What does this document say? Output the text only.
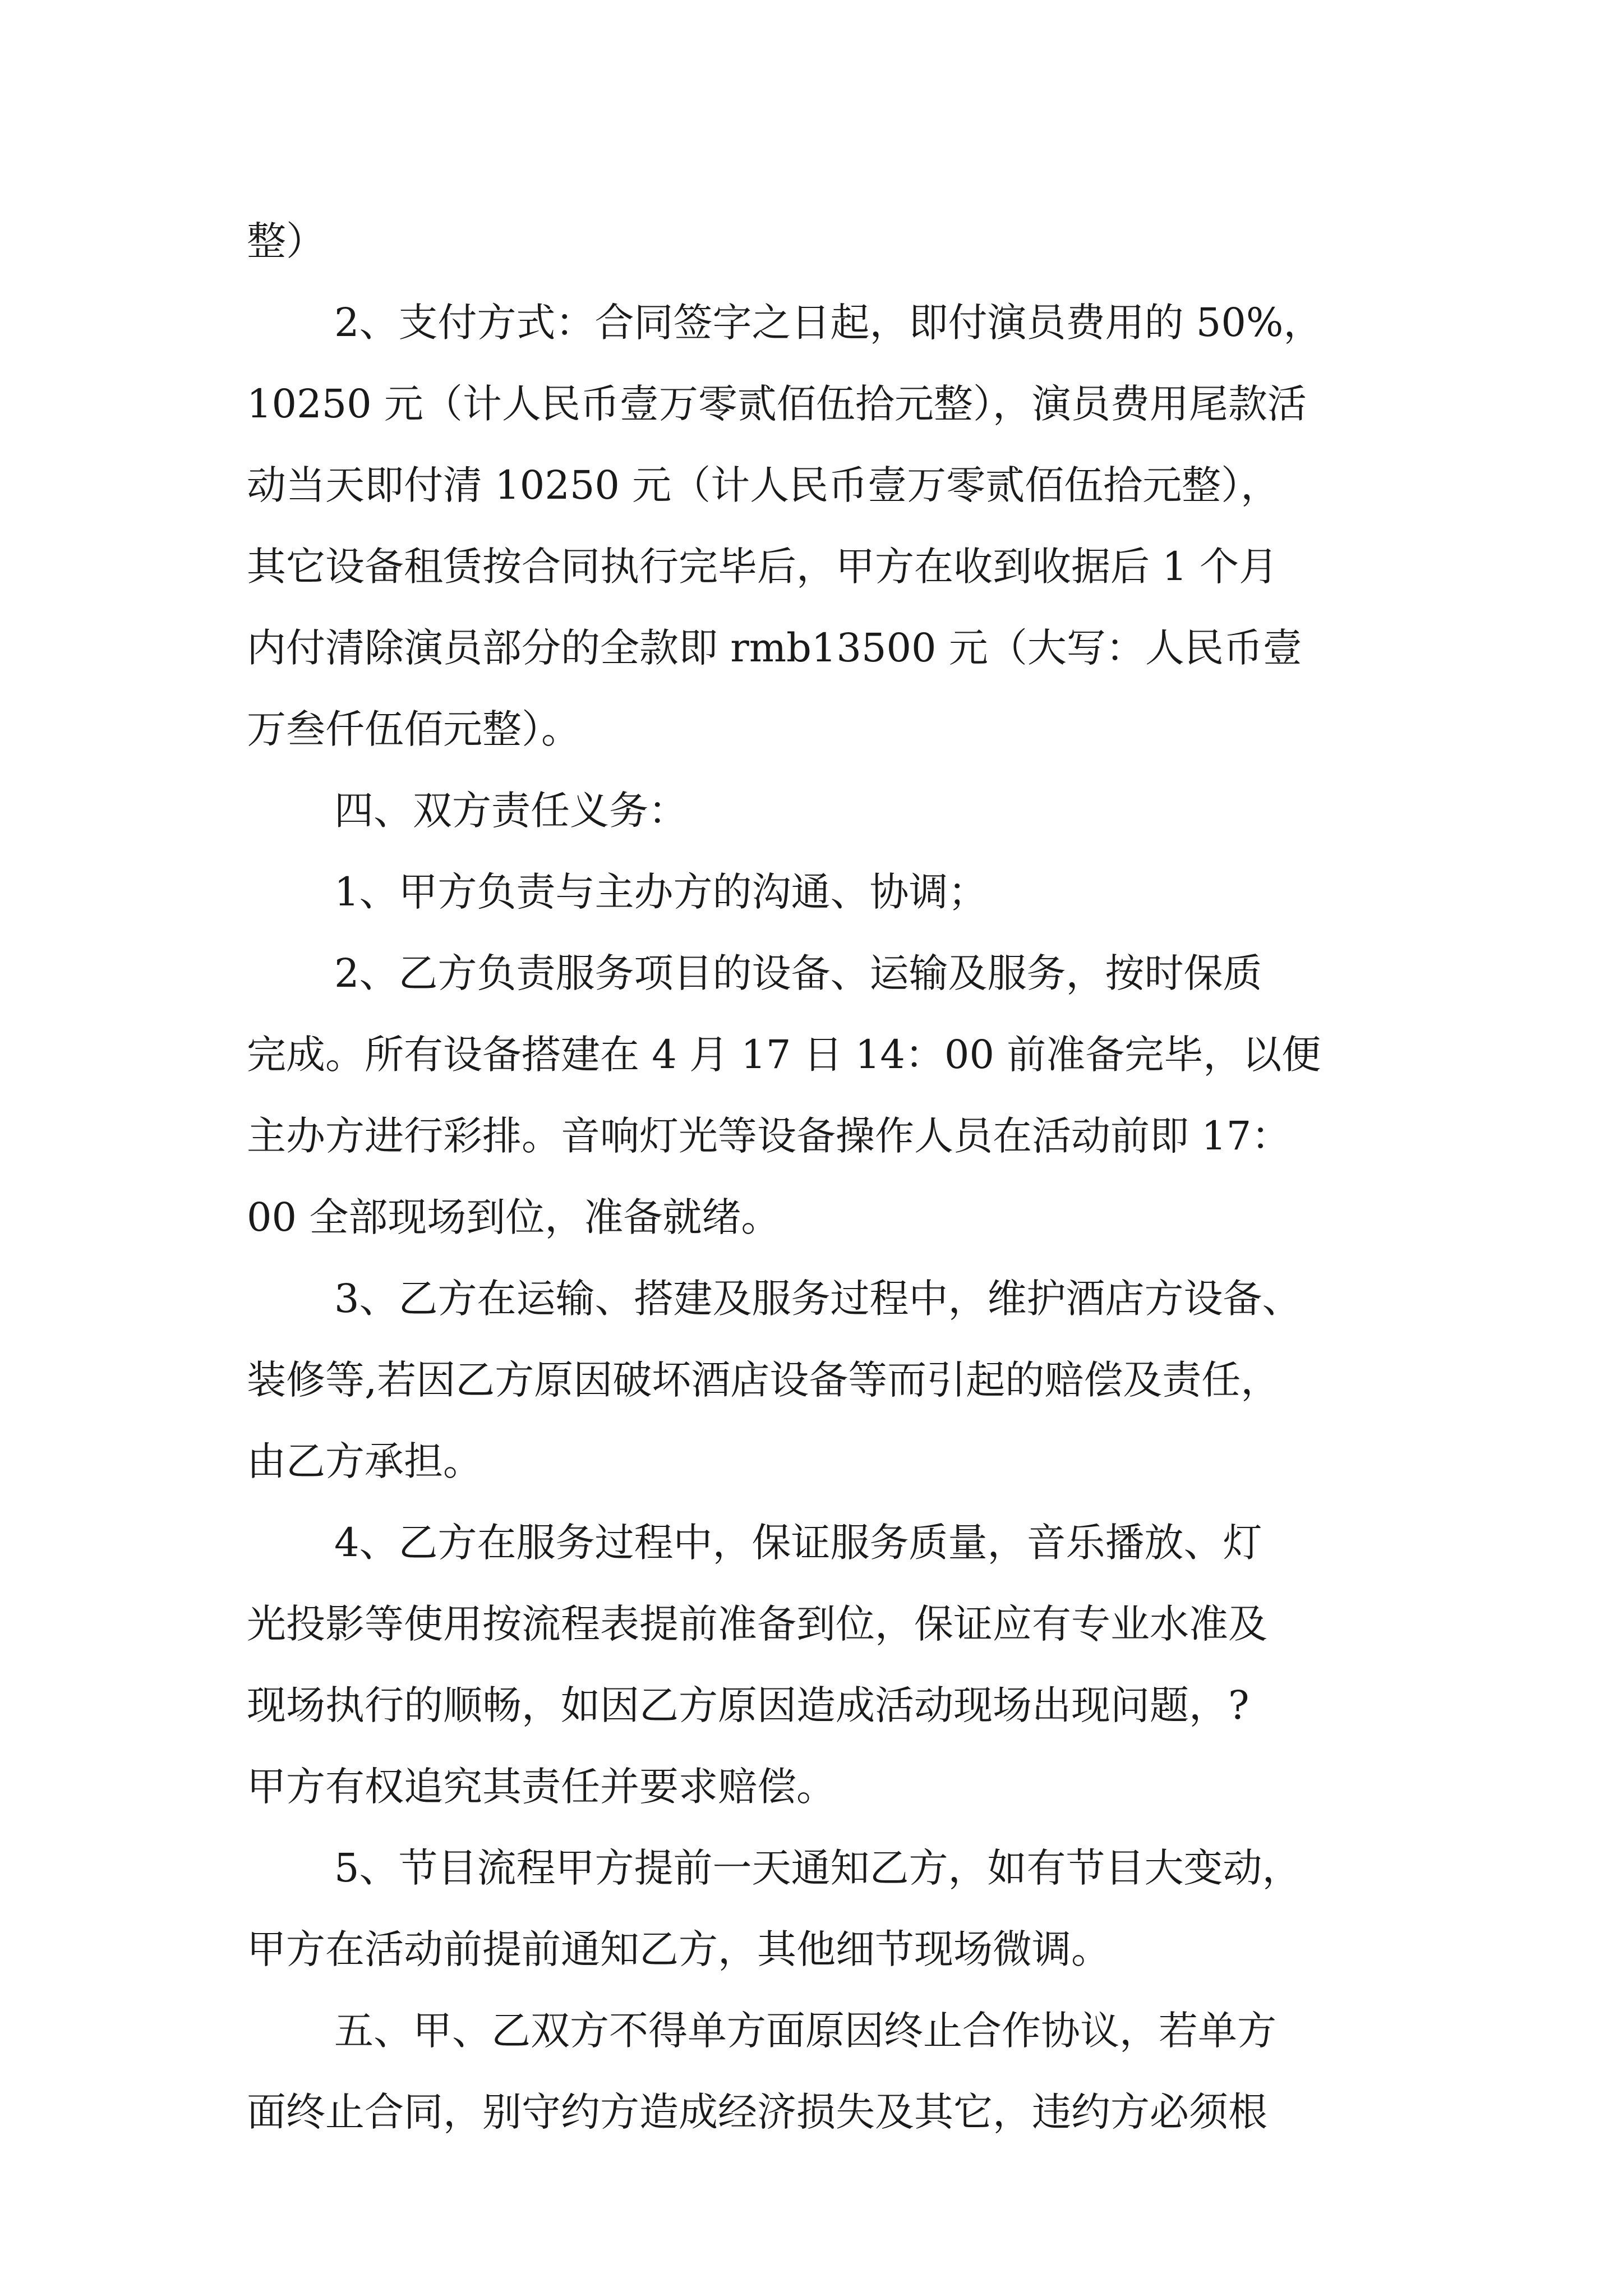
整）

2、支付方式：合同签字之日起，即付演员费用的 50%，

10250 元（计人民币壹万零贰佰伍拾元整），演员费用尾款活

动当天即付清 10250 元（计人民币壹万零贰佰伍拾元整），

其它设备租赁按合同执行完毕后，甲方在收到收据后 1 个月

内付清除演员部分的全款即 rmb13500 元（大写：人民币壹

万叁仟伍佰元整）。

四、双方责任义务：

1、甲方负责与主办方的沟通、协调；

2、乙方负责服务项目的设备、运输及服务，按时保质

完成。所有设备搭建在 4 月 17 日 14：00 前准备完毕，以便

主办方进行彩排。音响灯光等设备操作人员在活动前即 17：

00 全部现场到位，准备就绪。

3、乙方在运输、搭建及服务过程中，维护酒店方设备、

装修等,若因乙方原因破坏酒店设备等而引起的赔偿及责任，

由乙方承担。

4、乙方在服务过程中，保证服务质量，音乐播放、灯

光投影等使用按流程表提前准备到位，保证应有专业水准及

现场执行的顺畅，如因乙方原因造成活动现场出现问题，?

甲方有权追究其责任并要求赔偿。

5、节目流程甲方提前一天通知乙方，如有节目大变动，

甲方在活动前提前通知乙方，其他细节现场微调。

五、甲、乙双方不得单方面原因终止合作协议，若单方

面终止合同，别守约方造成经济损失及其它，违约方必须根
